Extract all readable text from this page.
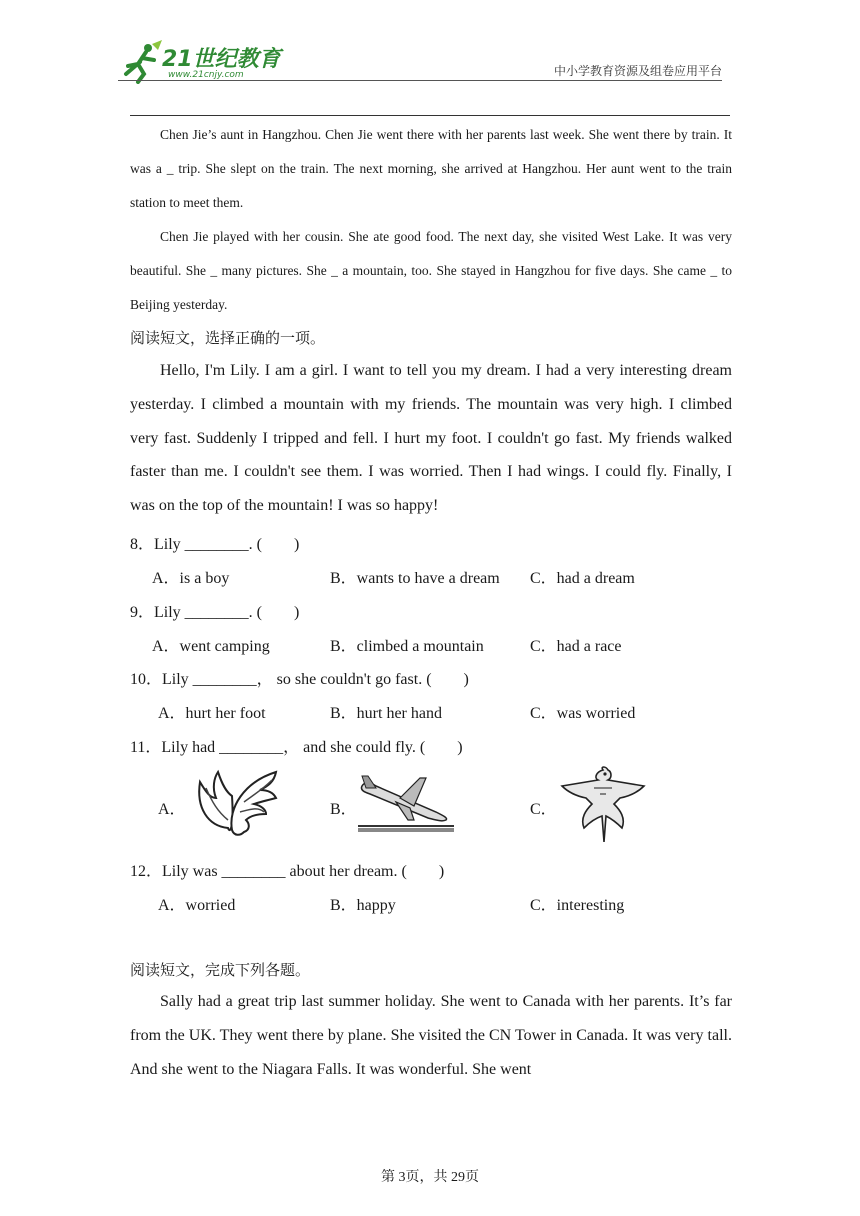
21世纪教育
www.21cnjy.com	中小学教育资源及组卷应用平台
Chen Jie’s aunt in Hangzhou. Chen Jie went there with her parents last week. She went there by train. It was a _ trip. She slept on the train. The next morning, she arrived at Hangzhou. Her aunt went to the train station to meet them.
Chen Jie played with her cousin. She ate good food. The next day, she visited West Lake. It was very beautiful. She _ many pictures. She _ a mountain, too. She stayed in Hangzhou for five days. She came _ to Beijing yesterday.
阅读短文，选择正确的一项。
Hello, I'm Lily. I am a girl. I want to tell you my dream. I had a very interesting dream yesterday. I climbed a mountain with my friends. The mountain was very high. I climbed very fast. Suddenly I tripped and fell. I hurt my foot. I couldn't go fast. My friends walked faster than me. I couldn't see them. I was worried. Then I had wings. I could fly. Finally, I was on the top of the mountain! I was so happy!
8．Lily ________. (　　)
A．is a boy	B．wants to have a dream C．had a dream
9．Lily ________. (　　)
A．went camping	B．climbed a mountain	C．had a race
10．Lily ________， so she couldn't go fast. (　　)
A．hurt her foot	B．hurt her hand	C．was worried
11．Lily had ________， and she could fly. (　　)
A．	B．	C．
12．Lily was ________ about her dream. (　　)
A．worried	B．happy	C．interesting
阅读短文，完成下列各题。
Sally had a great trip last summer holiday. She went to Canada with her parents. It’s far from the UK. They went there by plane. She visited the CN Tower in Canada. It was very tall. And she went to the Niagara Falls. It was wonderful. She went
第 3页，共 29页
